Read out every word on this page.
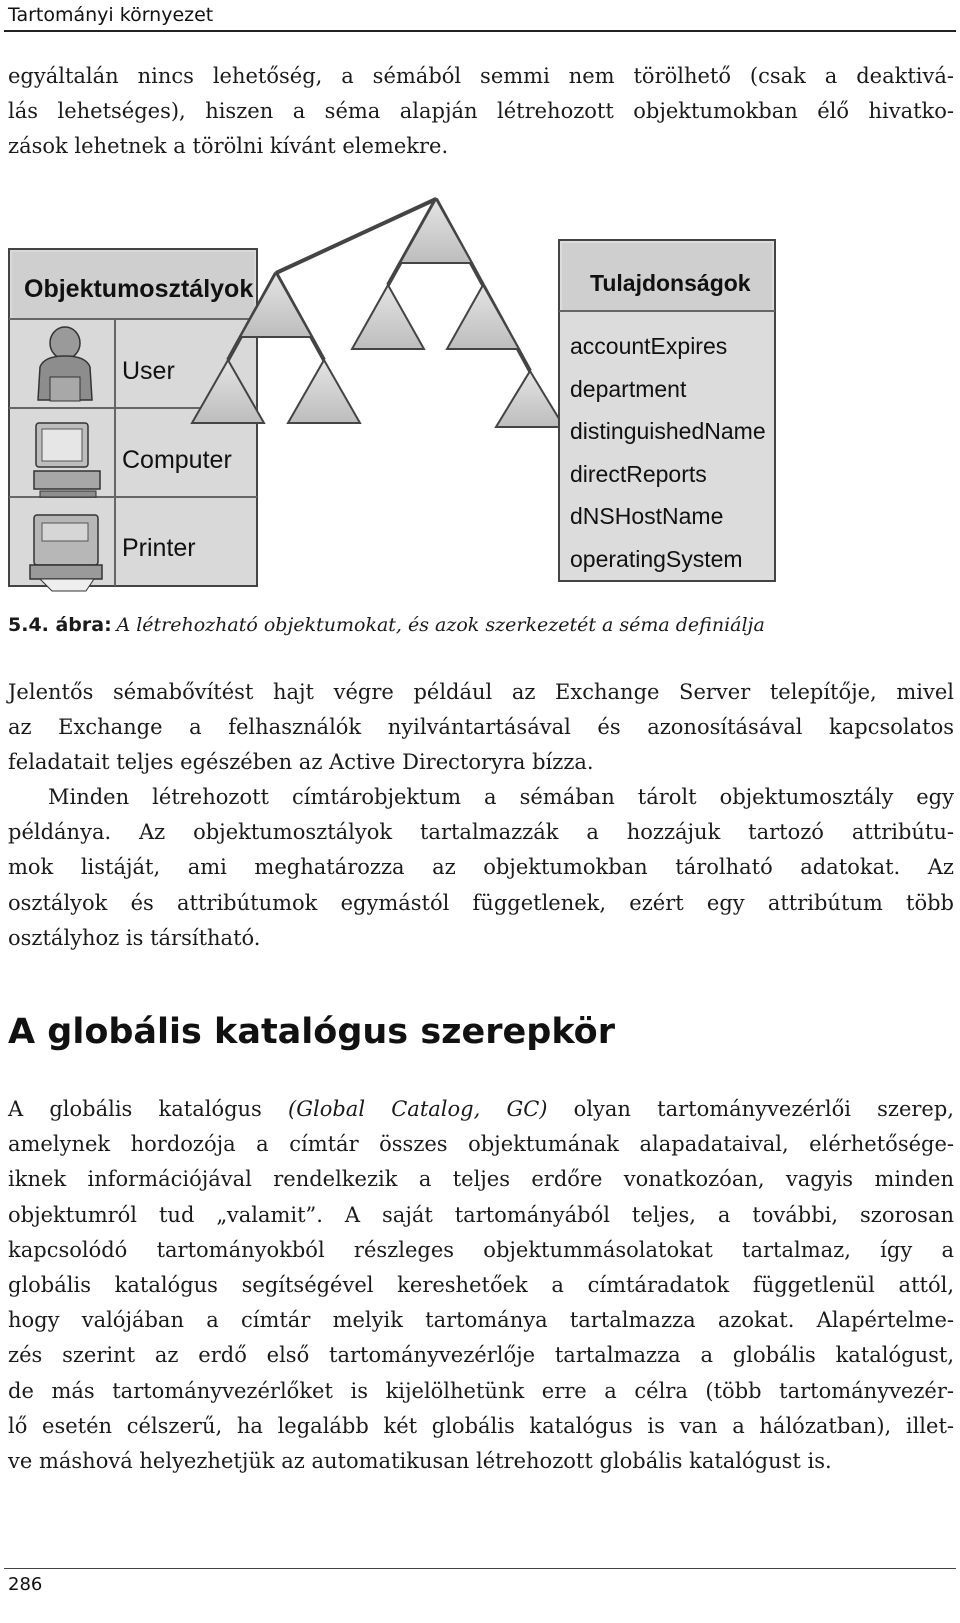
Tartományi környezet
egyáltalán nincs lehetőség, a sémából semmi nem törölhető (csak a deaktivá-
lás lehetséges), hiszen a séma alapján létrehozott objektumokban élő hivatko-
zások lehetnek a törölni kívánt elemekre.
Objektumosztályok
User
Computer
Printer
Tulajdonságok
accountExpires
department
distinguishedName
directReports
dNSHostName
operatingSystem
5.4. ábra: A létrehozható objektumokat, és azok szerkezetét a séma definiálja
Jelentős sémabővítést hajt végre például az Exchange Server telepítője, mivel
az Exchange a felhasználók nyilvántartásával és azonosításával kapcsolatos
feladatait teljes egészében az Active Directoryra bízza.
Minden létrehozott címtárobjektum a sémában tárolt objektumosztály egy
példánya. Az objektumosztályok tartalmazzák a hozzájuk tartozó attribútu-
mok listáját, ami meghatározza az objektumokban tárolható adatokat. Az
osztályok és attribútumok egymástól függetlenek, ezért egy attribútum több
osztályhoz is társítható.
A globális katalógus szerepkör
A globális katalógus (Global Catalog, GC) olyan tartományvezérlői szerep,
amelynek hordozója a címtár összes objektumának alapadataival, elérhetősége-
iknek információjával rendelkezik a teljes erdőre vonatkozóan, vagyis minden
objektumról tud „valamit”. A saját tartományából teljes, a további, szorosan
kapcsolódó tartományokból részleges objektummásolatokat tartalmaz, így a
globális katalógus segítségével kereshetőek a címtáradatok függetlenül attól,
hogy valójában a címtár melyik tartománya tartalmazza azokat. Alapértelme-
zés szerint az erdő első tartományvezérlője tartalmazza a globális katalógust,
de más tartományvezérlőket is kijelölhetünk erre a célra (több tartományvezér-
lő esetén célszerű, ha legalább két globális katalógus is van a hálózatban), illet-
ve máshová helyezhetjük az automatikusan létrehozott globális katalógust is.
286
